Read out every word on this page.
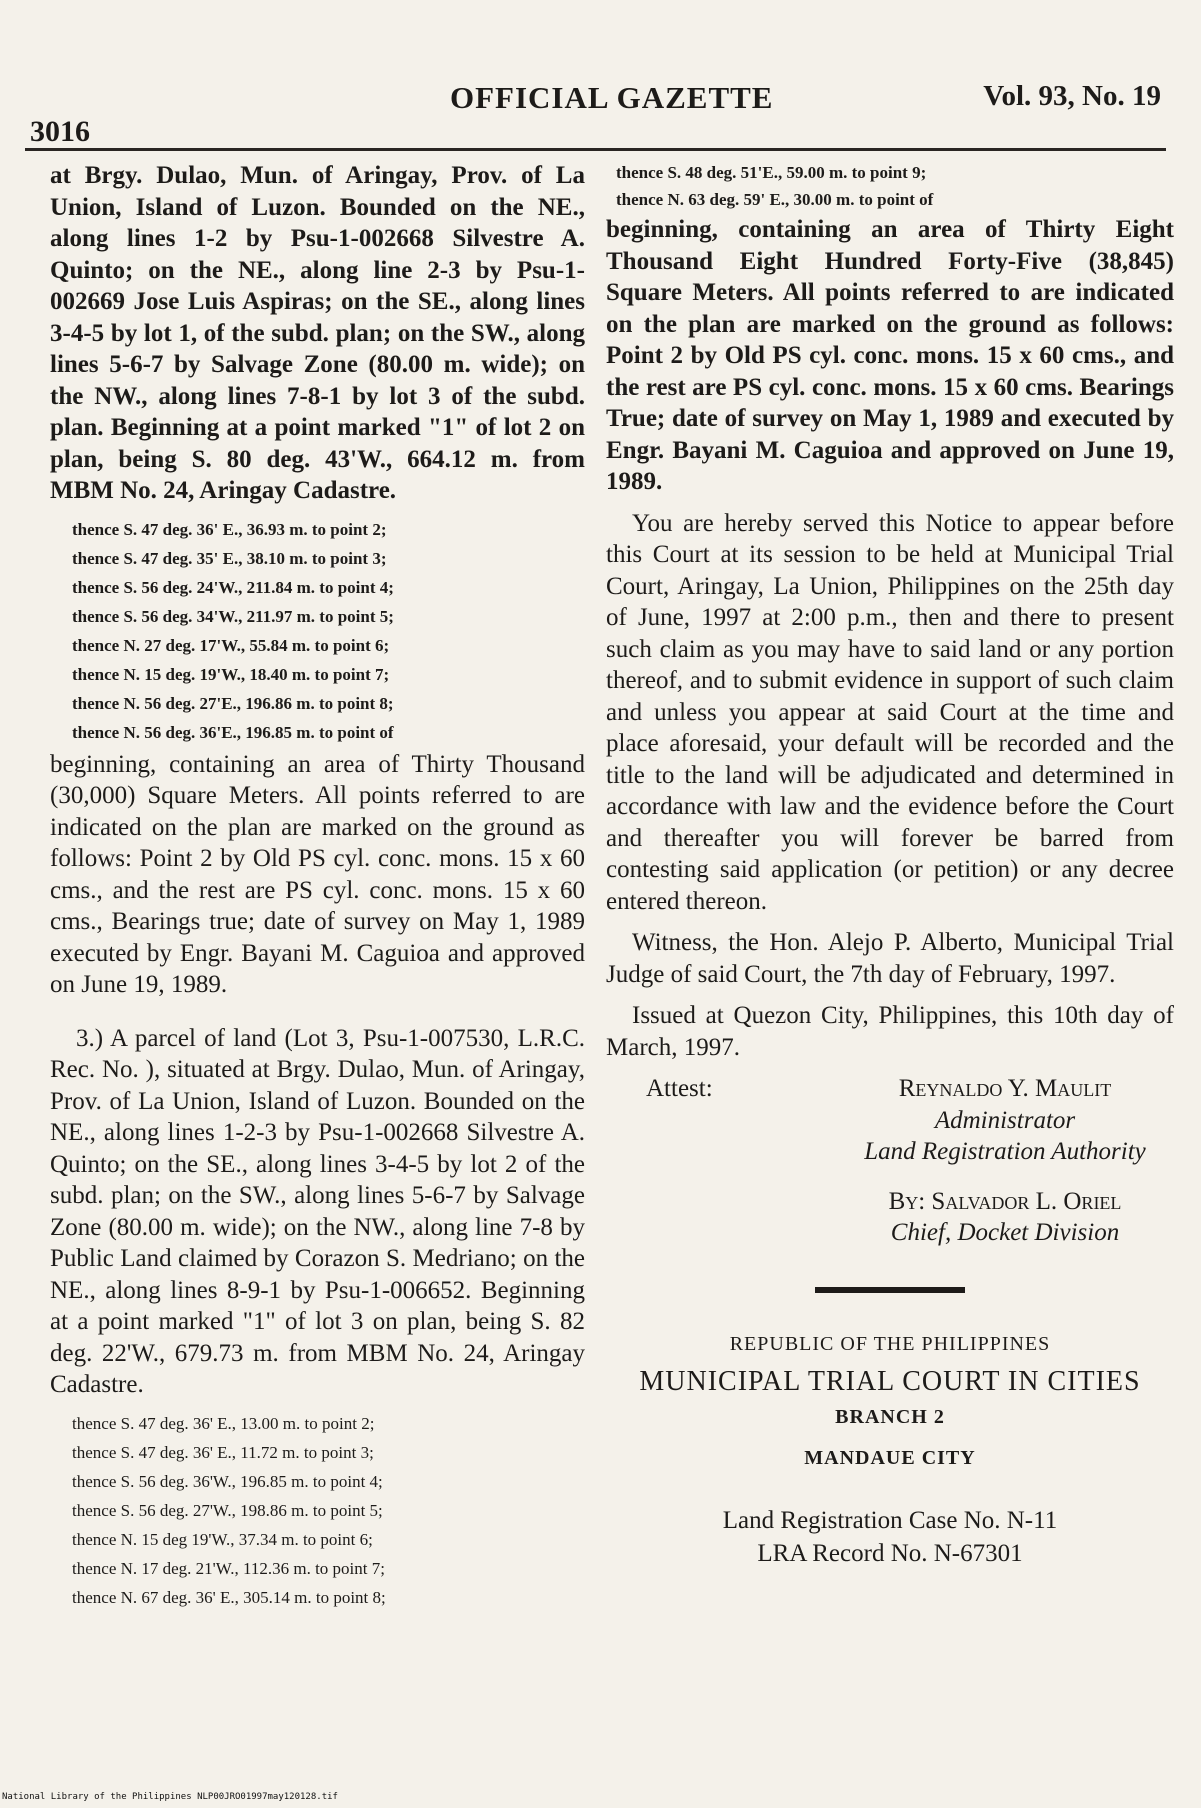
3016
OFFICIAL GAZETTE	Vol. 93, No. 19

at Brgy. Dulao, Mun. of Aringay, Prov. of La Union, Island of Luzon. Bounded on the NE., along lines 1-2 by Psu-1-002668 Silvestre A. Quinto; on the NE., along line 2-3 by Psu-1-002669 Jose Luis Aspiras; on the SE., along lines 3-4-5 by lot 1, of the subd. plan; on the SW., along lines 5-6-7 by Salvage Zone (80.00 m. wide); on the NW., along lines 7-8-1 by lot 3 of the subd. plan. Beginning at a point marked "1" of lot 2 on plan, being S. 80 deg. 43'W., 664.12 m. from MBM No. 24, Aringay Cadastre.

thence S. 47 deg. 36' E., 36.93 m. to point 2;
thence S. 47 deg. 35' E., 38.10 m. to point 3;
thence S. 56 deg. 24'W., 211.84 m. to point 4;
thence S. 56 deg. 34'W., 211.97 m. to point 5;
thence N. 27 deg. 17'W., 55.84 m. to point 6;
thence N. 15 deg. 19'W., 18.40 m. to point 7;
thence N. 56 deg. 27'E., 196.86 m. to point 8;
thence N. 56 deg. 36'E., 196.85 m. to point of

beginning, containing an area of Thirty Thousand (30,000) Square Meters. All points referred to are indicated on the plan are marked on the ground as follows: Point 2 by Old PS cyl. conc. mons. 15 x 60 cms., and the rest are PS cyl. conc. mons. 15 x 60 cms., Bearings true; date of survey on May 1, 1989 executed by Engr. Bayani M. Caguioa and approved on June 19, 1989.

3.) A parcel of land (Lot 3, Psu-1-007530, L.R.C. Rec. No. ), situated at Brgy. Dulao, Mun. of Aringay, Prov. of La Union, Island of Luzon. Bounded on the NE., along lines 1-2-3 by Psu-1-002668 Silvestre A. Quinto; on the SE., along lines 3-4-5 by lot 2 of the subd. plan; on the SW., along lines 5-6-7 by Salvage Zone (80.00 m. wide); on the NW., along line 7-8 by Public Land claimed by Corazon S. Medriano; on the NE., along lines 8-9-1 by Psu-1-006652. Beginning at a point marked "1" of lot 3 on plan, being S. 82 deg. 22'W., 679.73 m. from MBM No. 24, Aringay Cadastre.

thence S. 47 deg. 36' E., 13.00 m. to point 2;
thence S. 47 deg. 36' E., 11.72 m. to point 3;
thence S. 56 deg. 36'W., 196.85 m. to point 4;
thence S. 56 deg. 27'W., 198.86 m. to point 5;
thence N. 15 deg 19'W., 37.34 m. to point 6;
thence N. 17 deg. 21'W., 112.36 m. to point 7;
thence N. 67 deg. 36' E., 305.14 m. to point 8;
thence S. 48 deg. 51'E., 59.00 m. to point 9;
thence N. 63 deg. 59' E., 30.00 m. to point of

beginning, containing an area of Thirty Eight Thousand Eight Hundred Forty-Five (38,845) Square Meters. All points referred to are indicated on the plan are marked on the ground as follows: Point 2 by Old PS cyl. conc. mons. 15 x 60 cms., and the rest are PS cyl. conc. mons. 15 x 60 cms. Bearings True; date of survey on May 1, 1989 and executed by Engr. Bayani M. Caguioa and approved on June 19, 1989.

You are hereby served this Notice to appear before this Court at its session to be held at Municipal Trial Court, Aringay, La Union, Philippines on the 25th day of June, 1997 at 2:00 p.m., then and there to present such claim as you may have to said land or any portion thereof, and to submit evidence in support of such claim and unless you appear at said Court at the time and place aforesaid, your default will be recorded and the title to the land will be adjudicated and determined in accordance with law and the evidence before the Court and thereafter you will forever be barred from contesting said application (or petition) or any decree entered thereon.

Witness, the Hon. Alejo P. Alberto, Municipal Trial Judge of said Court, the 7th day of February, 1997.

Issued at Quezon City, Philippines, this 10th day of March, 1997.

Attest:	Reynaldo Y. Maulit
Administrator
Land Registration Authority
By: Salvador L. Oriel
Chief, Docket Division
REPUBLIC OF THE PHILIPPINES
MUNICIPAL TRIAL COURT IN CITIES
BRANCH 2
MANDAUE CITY
Land Registration Case No. N-11
LRA Record No. N-67301
National Library of the Philippines NLP00JRO01997may120128.tif
